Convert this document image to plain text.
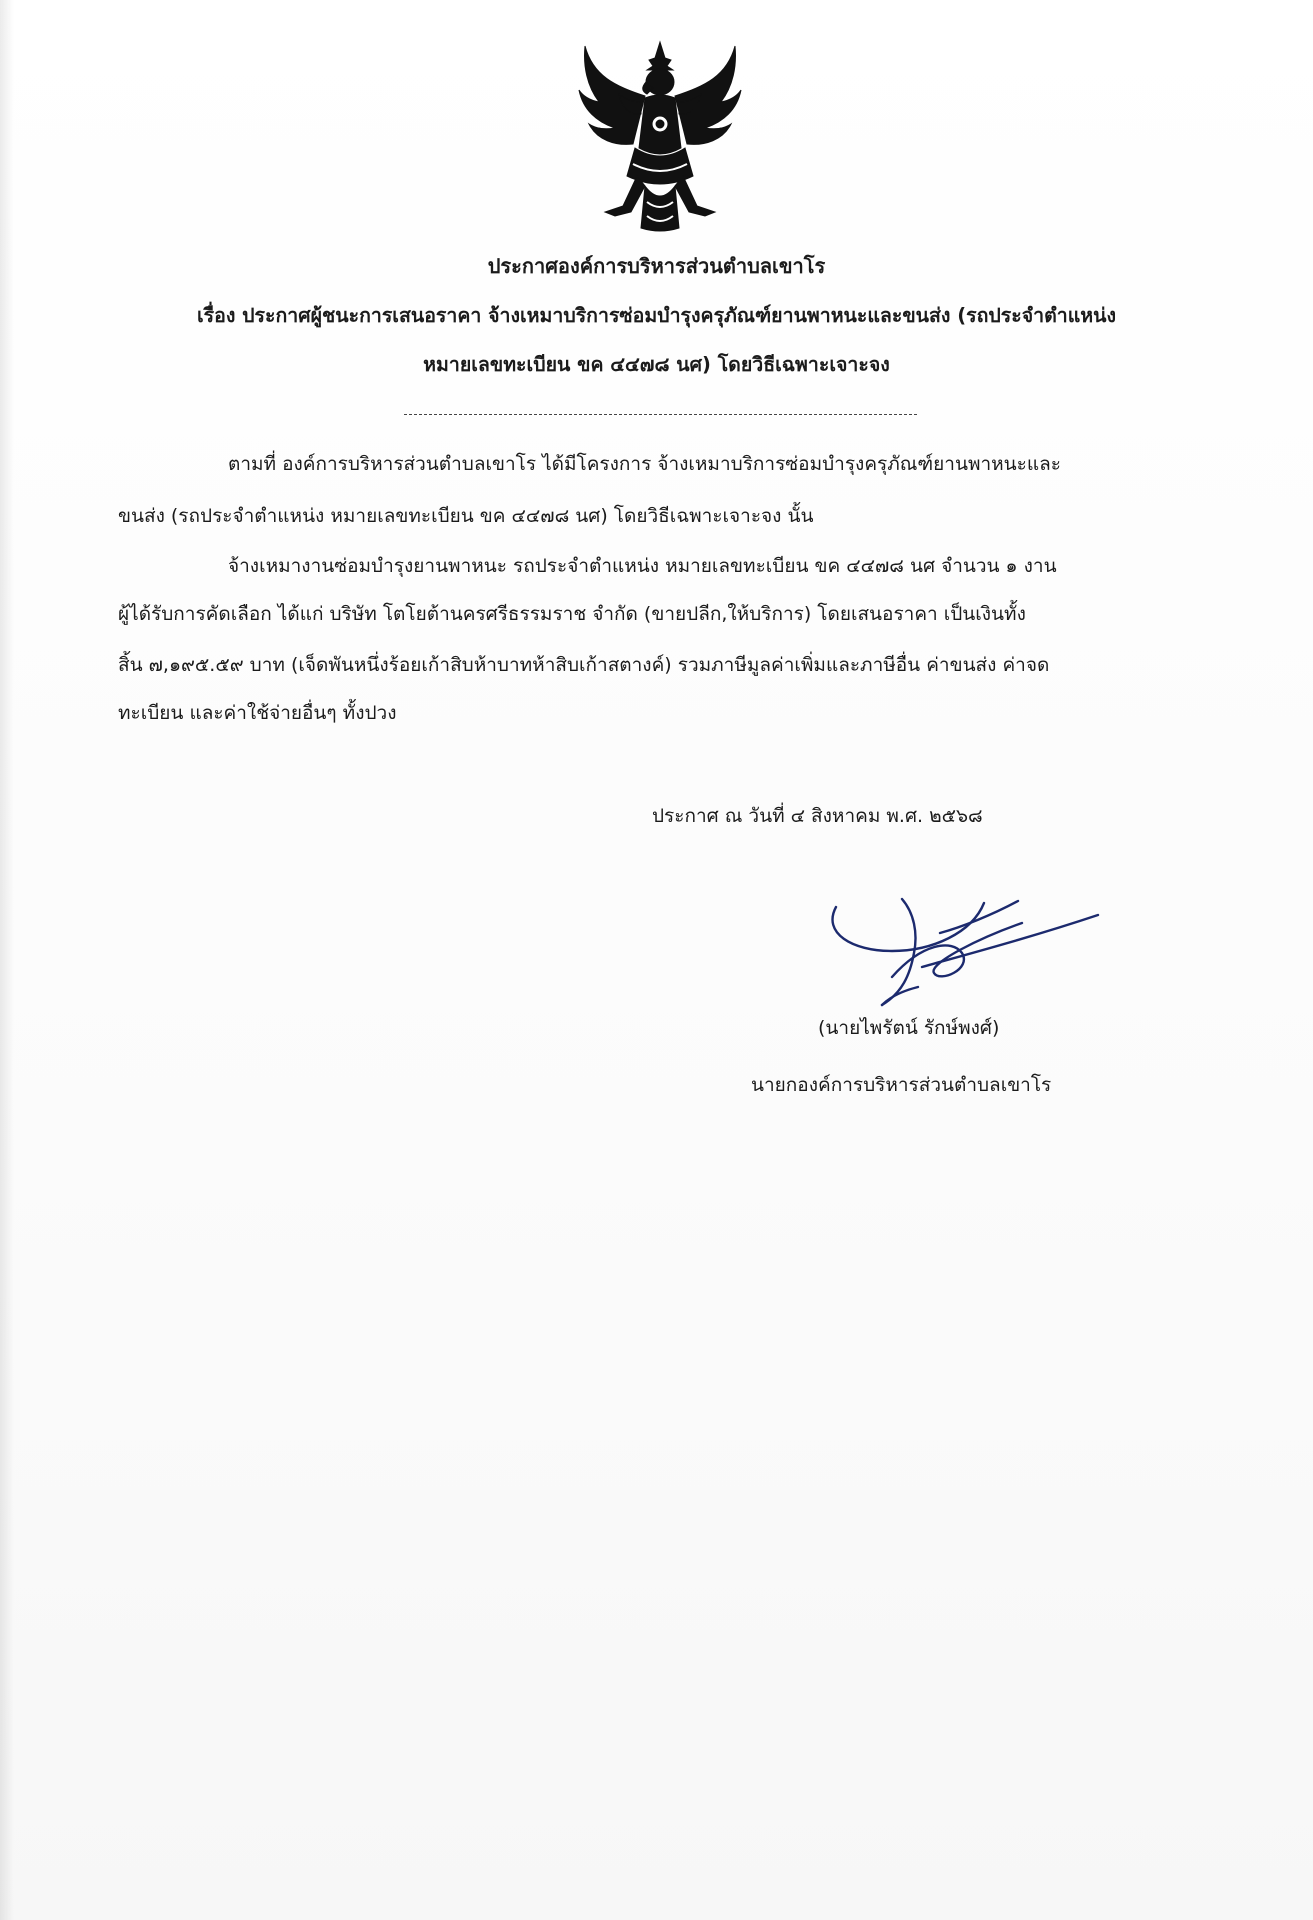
ประกาศองค์การบริหารส่วนตำบลเขาโร
เรื่อง ประกาศผู้ชนะการเสนอราคา จ้างเหมาบริการซ่อมบำรุงครุภัณฑ์ยานพาหนะและขนส่ง (รถประจำตำแหน่ง
หมายเลขทะเบียน ขค ๔๔๗๘ นศ) โดยวิธีเฉพาะเจาะจง
ตามที่ องค์การบริหารส่วนตำบลเขาโร ได้มีโครงการ จ้างเหมาบริการซ่อมบำรุงครุภัณฑ์ยานพาหนะและ
ขนส่ง (รถประจำตำแหน่ง หมายเลขทะเบียน ขค ๔๔๗๘ นศ) โดยวิธีเฉพาะเจาะจง นั้น
จ้างเหมางานซ่อมบำรุงยานพาหนะ รถประจำตำแหน่ง หมายเลขทะเบียน ขค ๔๔๗๘ นศ จำนวน ๑ งาน
ผู้ได้รับการคัดเลือก ได้แก่ บริษัท โตโยต้านครศรีธรรมราช จำกัด (ขายปลีก,ให้บริการ) โดยเสนอราคา เป็นเงินทั้ง
สิ้น ๗,๑๙๕.๕๙ บาท (เจ็ดพันหนึ่งร้อยเก้าสิบห้าบาทห้าสิบเก้าสตางค์) รวมภาษีมูลค่าเพิ่มและภาษีอื่น ค่าขนส่ง ค่าจด
ทะเบียน และค่าใช้จ่ายอื่นๆ ทั้งปวง
ประกาศ ณ วันที่ ๔ สิงหาคม พ.ศ. ๒๕๖๘
(นายไพรัตน์ รักษ์พงศ์)
นายกองค์การบริหารส่วนตำบลเขาโร
